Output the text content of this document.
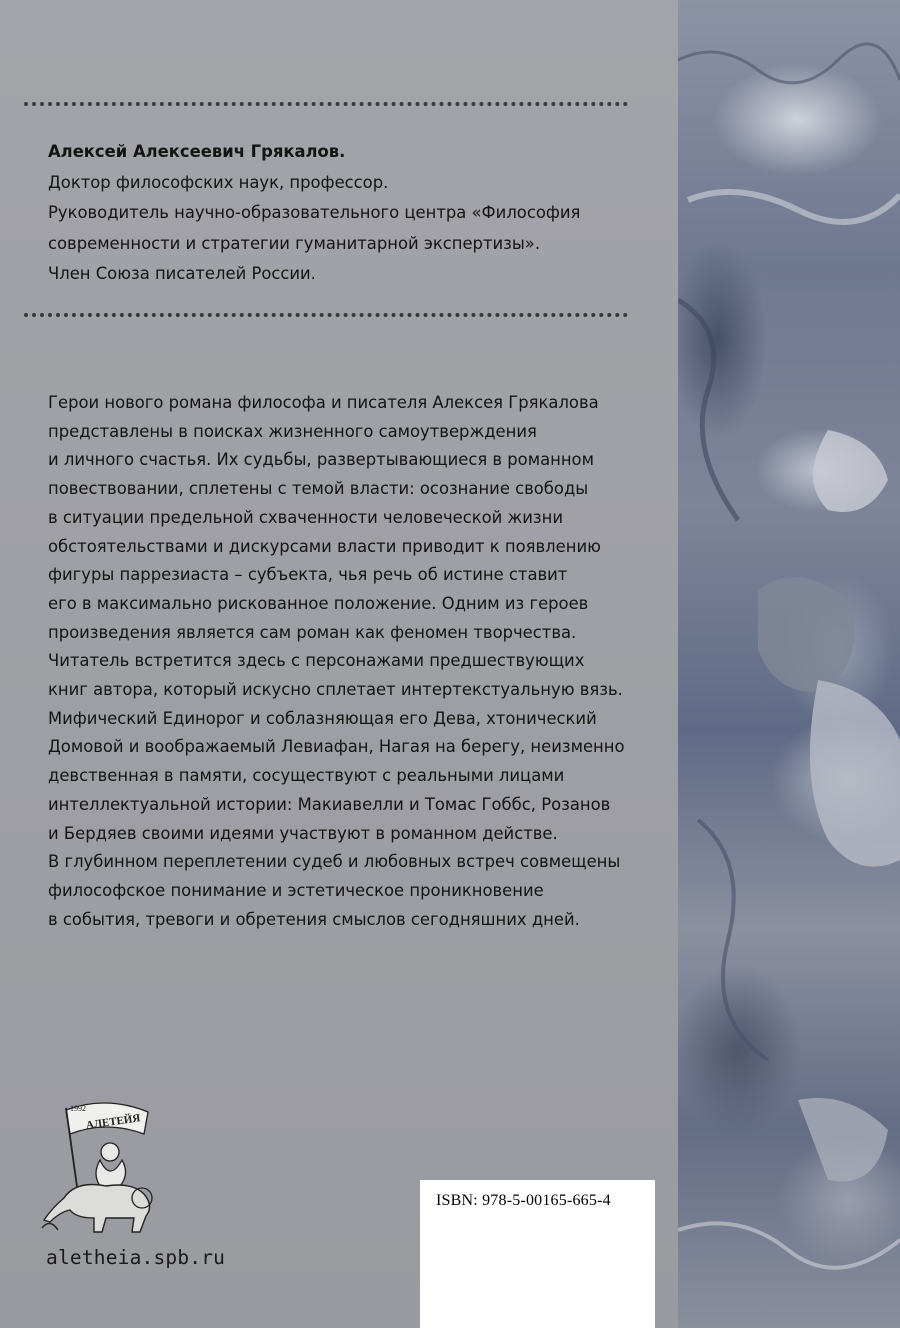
Алексей Алексеевич Грякалов.
Доктор философских наук, профессор.
Руководитель научно-образовательного центра «Философия
современности и стратегии гуманитарной экспертизы».
Член Союза писателей России.
Герои нового романа философа и писателя Алексея Грякалова
представлены в поисках жизненного самоутверждения
и личного счастья. Их судьбы, развертывающиеся в романном
повествовании, сплетены с темой власти: осознание свободы
в ситуации предельной схваченности человеческой жизни
обстоятельствами и дискурсами власти приводит к появлению
фигуры паррезиаста – субъекта, чья речь об истине ставит
его в максимально рискованное положение. Одним из героев
произведения является сам роман как феномен творчества.
Читатель встретится здесь с персонажами предшествующих
книг автора, который искусно сплетает интертекстуальную вязь.
Мифический Единорог и соблазняющая его Дева, хтонический
Домовой и воображаемый Левиафан, Нагая на берегу, неизменно
девственная в памяти, сосуществуют с реальными лицами
интеллектуальной истории: Макиавелли и Томас Гоббс, Розанов
и Бердяев своими идеями участвуют в романном действе.
В глубинном переплетении судеб и любовных встреч совмещены
философское понимание и эстетическое проникновение
в события, тревоги и обретения смыслов сегодняшних дней.
1992
АЛЕТЕЙЯ
aletheia.spb.ru
ISBN: 978-5-00165-665-4
